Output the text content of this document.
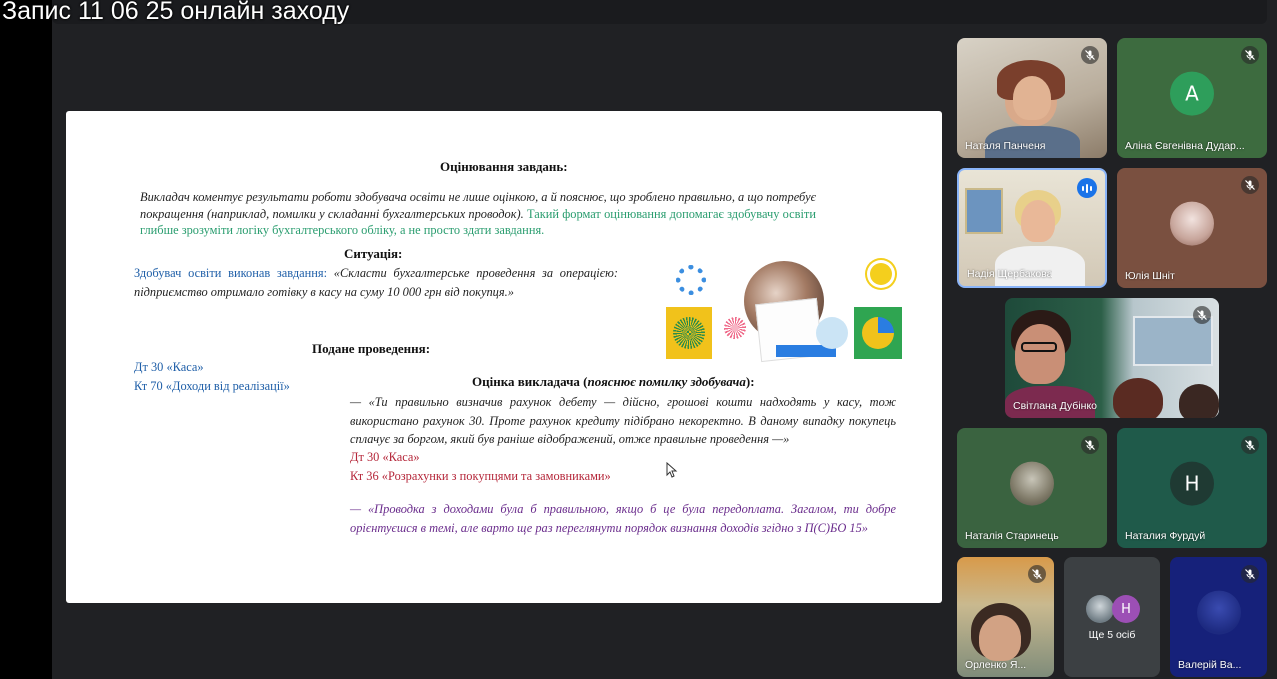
Запис 11 06 25 онлайн заходу
Оцінювання завдань:
Викладач коментує результати роботи здобувача освіти не лише оцінкою, а й пояснює, що зроблено правильно, а що потребує покращення (наприклад, помилки у складанні бухгалтерських проводок). Такий формат оцінювання допомагає здобувачу освіти глибше зрозуміти логіку бухгалтерського обліку, а не просто здати завдання.
Ситуація:
Здобувач освіти виконав завдання: «Скласти бухгалтерське проведення за операцією: підприємство отримало готівку в касу на суму 10 000 грн від покупця.»
Подане проведення:
Дт 30 «Каса»
Кт 70 «Доходи від реалізації»	Оцінка викладача (пояснює помилку здобувача):
— «Ти правильно визначив рахунок дебету — дійсно, грошові кошти надходять у касу, тож використано рахунок 30. Проте рахунок кредиту підібрано некоректно. В даному випадку покупець сплачує за боргом, який був раніше відображений, отже правильне проведення —»
Дт 30 «Каса»
Кт 36 «Розрахунки з покупцями та замовниками»
— «Проводка з доходами була б правильною, якщо б це була передоплата. Загалом, ти добре орієнтуєшся в темі, але варто ще раз переглянути порядок визнання доходів згідно з П(С)БО 15»
Наталя Панченя
A
Аліна Євгенівна Дудар...
Надія Щербакова	Юлія Шніт
Світлана Дубінко
Наталія Старинець
H
Наталия Фурдуй
Орленко Я...
H
Ще 5 осіб
Валерій Ва...
